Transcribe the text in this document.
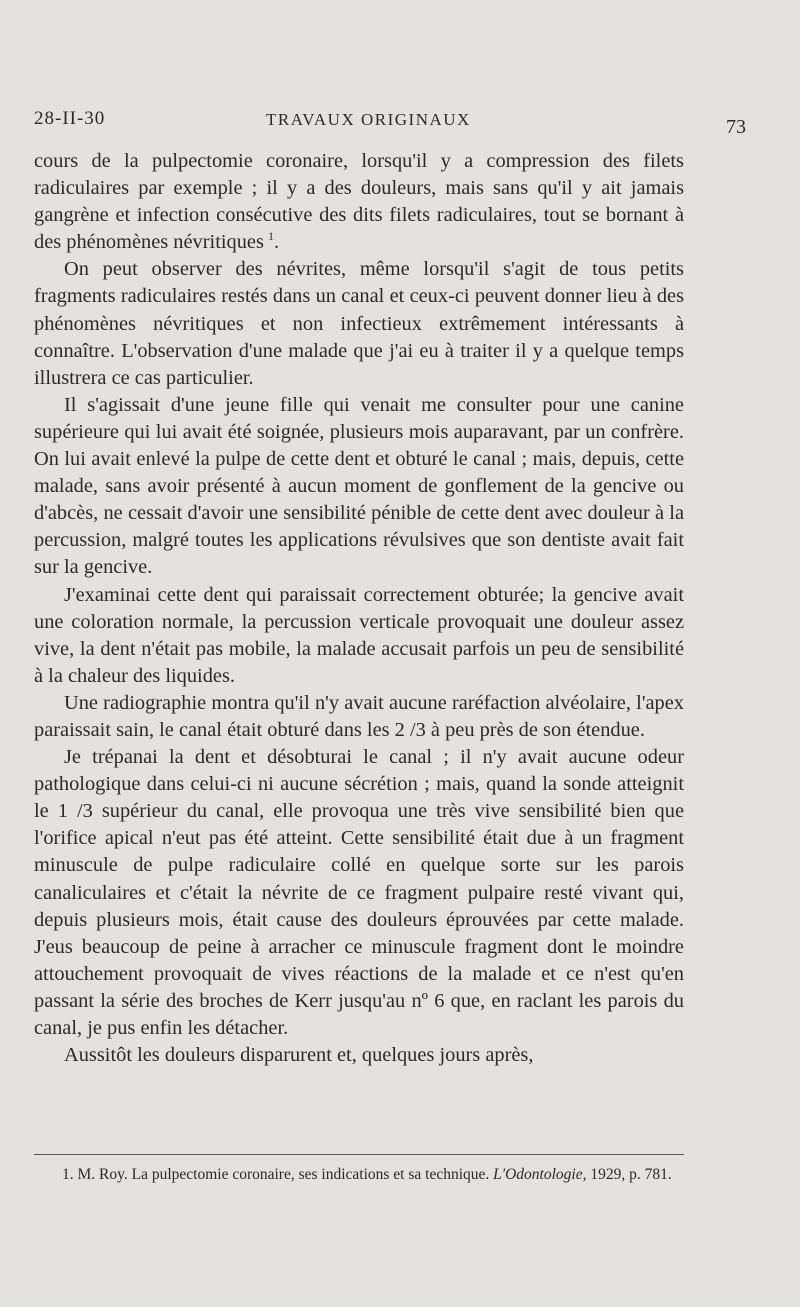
28-II-30	TRAVAUX ORIGINAUX	73

cours de la pulpectomie coronaire, lorsqu'il y a compression des filets radiculaires par exemple ; il y a des douleurs, mais sans qu'il y ait jamais gangrène et infection consécutive des dits filets radiculaires, tout se bornant à des phénomènes névritiques  $^1$.

On peut observer des névrites, même lorsqu'il s'agit de tous petits fragments radiculaires restés dans un canal et ceux-ci peuvent donner lieu à des phénomènes névritiques et non infectieux extrêmement intéressants à connaître. L'observation d'une malade que j'ai eu à traiter il y a quelque temps illustrera ce cas particulier.

Il s'agissait d'une jeune fille qui venait me consulter pour une canine supérieure qui lui avait été soignée, plusieurs mois auparavant, par un confrère. On lui avait enlevé la pulpe de cette dent et obturé le canal ; mais, depuis, cette malade, sans avoir présenté à aucun moment de gonflement de la gencive ou d'abcès, ne cessait d'avoir une sensibilité pénible de cette dent avec douleur à la percussion, malgré toutes les applications révulsives que son dentiste avait fait sur la gencive.

J'examinai cette dent qui paraissait correctement obturée; la gencive avait une coloration normale, la percussion verticale provoquait une douleur assez vive, la dent n'était pas mobile, la malade accusait parfois un peu de sensibilité à la chaleur des liquides.

Une radiographie montra qu'il n'y avait aucune raréfaction alvéolaire, l'apex paraissait sain, le canal était obturé dans les 2 /3 à peu près de son étendue.

Je trépanai la dent et désobturai le canal ; il n'y avait aucune odeur pathologique dans celui-ci ni aucune sécrétion ; mais, quand la sonde atteignit le 1 /3 supérieur du canal, elle provoqua une très vive sensibilité bien que l'orifice apical n'eut pas été atteint. Cette sensibilité était due à un fragment minuscule de pulpe radiculaire collé en quelque sorte sur les parois canaliculaires et c'était la névrite de ce fragment pulpaire resté vivant qui, depuis plusieurs mois, était cause des douleurs éprouvées par cette malade. J'eus beaucoup de peine à arracher ce minuscule fragment dont le moindre attouchement provoquait de vives réactions de la malade et ce n'est qu'en passant la série des broches de Kerr jusqu'au nº 6 que, en raclant les parois du canal, je pus enfin les détacher.

Aussitôt les douleurs disparurent et, quelques jours après,

1. M. Roy. La pulpectomie coronaire, ses indications et sa technique. L'Odontologie, 1929, p. 781.
